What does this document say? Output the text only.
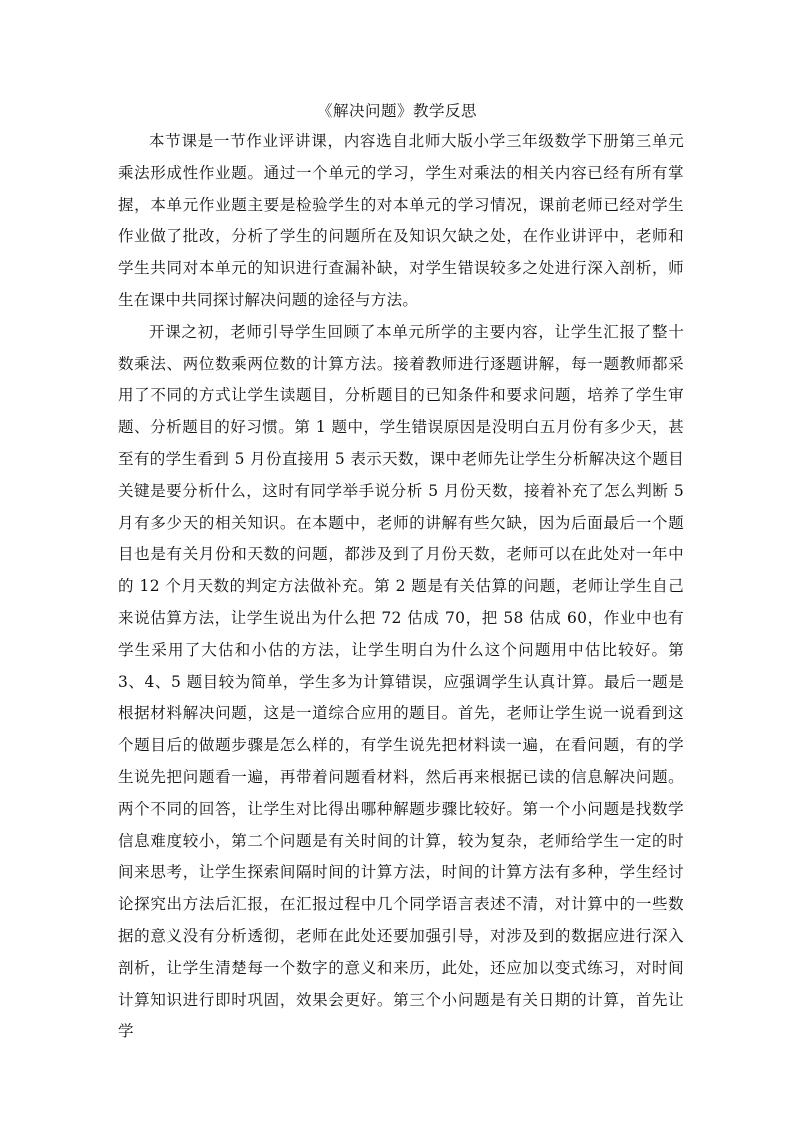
《解决问题》教学反思

本节课是一节作业评讲课，内容选自北师大版小学三年级数学下册第三单元乘法形成性作业题。通过一个单元的学习，学生对乘法的相关内容已经有所有掌握，本单元作业题主要是检验学生的对本单元的学习情况，课前老师已经对学生作业做了批改，分析了学生的问题所在及知识欠缺之处，在作业讲评中，老师和学生共同对本单元的知识进行查漏补缺，对学生错误较多之处进行深入剖析，师生在课中共同探讨解决问题的途径与方法。

开课之初，老师引导学生回顾了本单元所学的主要内容，让学生汇报了整十数乘法、两位数乘两位数的计算方法。接着教师进行逐题讲解，每一题教师都采用了不同的方式让学生读题目，分析题目的已知条件和要求问题，培养了学生审题、分析题目的好习惯。第 1 题中，学生错误原因是没明白五月份有多少天，甚至有的学生看到 5 月份直接用 5 表示天数，课中老师先让学生分析解决这个题目关键是要分析什么，这时有同学举手说分析 5 月份天数，接着补充了怎么判断 5 月有多少天的相关知识。在本题中，老师的讲解有些欠缺，因为后面最后一个题目也是有关月份和天数的问题，都涉及到了月份天数，老师可以在此处对一年中的 12 个月天数的判定方法做补充。第 2 题是有关估算的问题，老师让学生自己来说估算方法，让学生说出为什么把 72 估成 70，把 58 估成 60，作业中也有学生采用了大估和小估的方法，让学生明白为什么这个问题用中估比较好。第 3、4、5 题目较为简单，学生多为计算错误，应强调学生认真计算。最后一题是根据材料解决问题，这是一道综合应用的题目。首先，老师让学生说一说看到这个题目后的做题步骤是怎么样的，有学生说先把材料读一遍，在看问题，有的学生说先把问题看一遍，再带着问题看材料，然后再来根据已读的信息解决问题。两个不同的回答，让学生对比得出哪种解题步骤比较好。第一个小问题是找数学信息难度较小，第二个问题是有关时间的计算，较为复杂，老师给学生一定的时间来思考，让学生探索间隔时间的计算方法，时间的计算方法有多种，学生经讨论探究出方法后汇报，在汇报过程中几个同学语言表述不清，对计算中的一些数据的意义没有分析透彻，老师在此处还要加强引导，对涉及到的数据应进行深入剖析，让学生清楚每一个数字的意义和来历，此处，还应加以变式练习，对时间计算知识进行即时巩固，效果会更好。第三个小问题是有关日期的计算，首先让学
